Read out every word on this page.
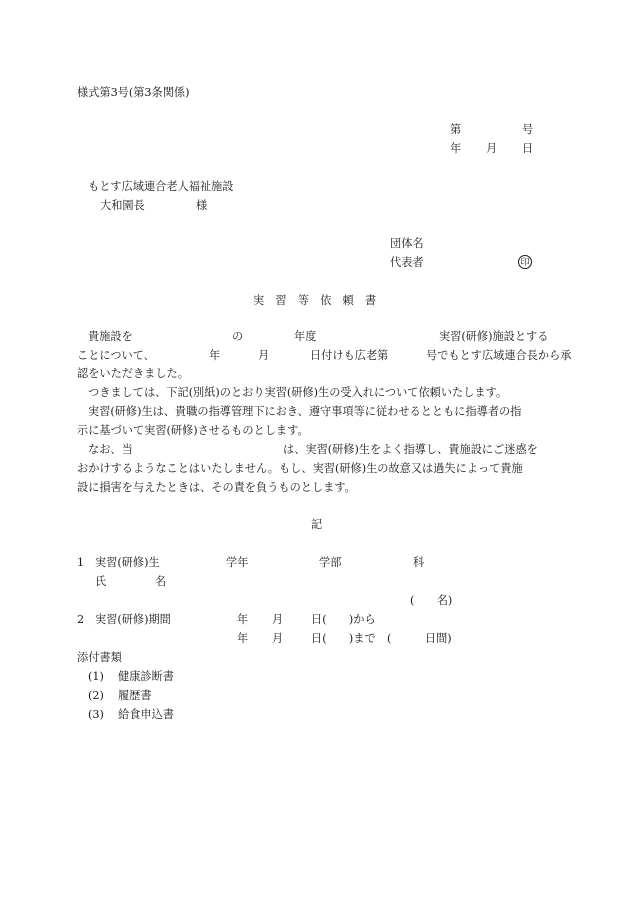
様式第3号(第3条関係)
第	号
年 月 日
もとす広域連合老人福祉施設
大和園長	様
団体名
代表者	印
実　習　等　依　頼　書
貴施設を	の	年度	実習(研修)施設とする
ことについて、	年	月	日付けも広老第	号でもとす広域連合長から承
認をいただきました。
つきましては、下記(別紙)のとおり実習(研修)生の受入れについて依頼いたします。
実習(研修)生は、貴職の指導管理下におき、遵守事項等に従わせるとともに指導者の指
示に基づいて実習(研修)させるものとします。
なお、当	は、実習(研修)生をよく指導し、貴施設にご迷惑を
おかけするようなことはいたしません。もし、実習(研修)生の故意又は過失によって貴施
設に損害を与えたときは、その責を負うものとします。
記
1 実習(研修)生	学年	学部	科
氏	名
(　　名)
2 実習(研修)期間	年 月 日(　　)から
年 月 日(　　)まで (　　　日間)
添付書類
(1) 健康診断書
(2) 履歴書
(3) 給食申込書
